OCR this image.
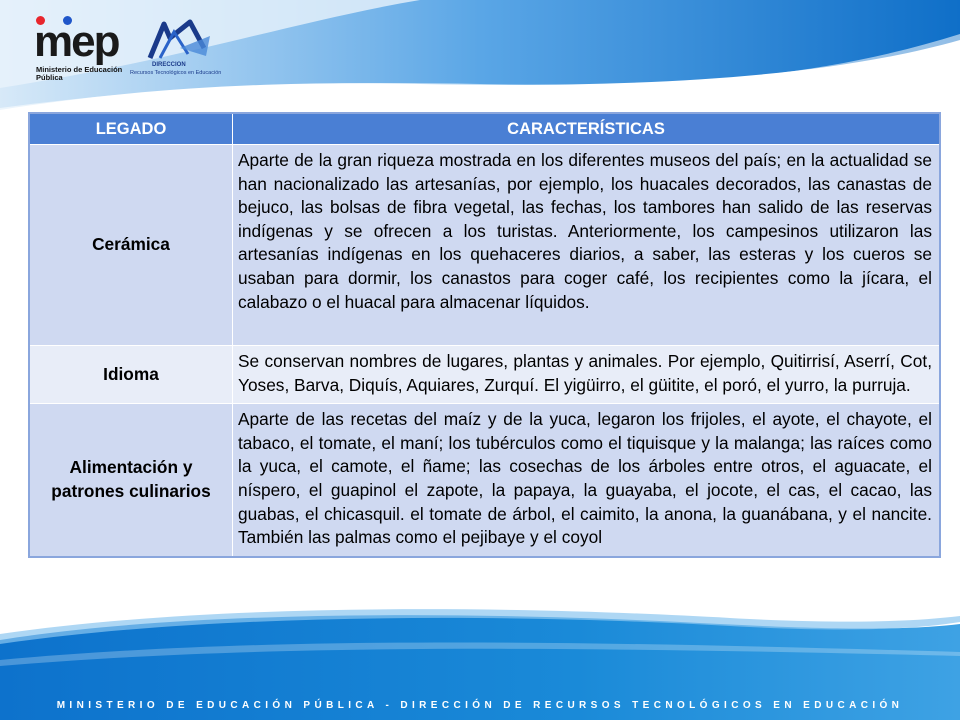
mep
Ministerio de Educación Pública
DIRECCION
Recursos Tecnológicos en Educación
LEGADO	CARACTERÍSTICAS
Cerámica	Aparte de la gran riqueza mostrada en los diferentes museos del país; en la actualidad se han nacionalizado las artesanías, por ejemplo, los huacales decorados, las canastas de bejuco, las bolsas de fibra vegetal, las fechas, los tambores han salido de las reservas indígenas y se ofrecen a los turistas. Anteriormente, los campesinos utilizaron las artesanías indígenas en los quehaceres diarios, a saber, las esteras y los cueros se usaban para dormir, los canastos para coger café, los recipientes como la jícara, el calabazo o el huacal para almacenar líquidos.
Idioma	Se conservan nombres de lugares, plantas y animales. Por ejemplo, Quitirrisí, Aserrí, Cot, Yoses, Barva, Diquís, Aquiares, Zurquí. El yigüirro, el güitite, el poró, el yurro, la purruja.
Alimentación y patrones culinarios	Aparte de las recetas del maíz y de la yuca, legaron los frijoles, el ayote, el chayote, el tabaco, el tomate, el maní; los tubérculos como el tiquisque y la malanga; las raíces como la yuca, el camote, el ñame; las cosechas de los árboles entre otros, el aguacate, el níspero, el guapinol el zapote, la papaya, la guayaba, el jocote, el cas, el cacao, las guabas, el chicasquil. el tomate de árbol, el caimito, la anona, la guanábana, y el nancite. También las palmas como el pejibaye y el coyol
MINISTERIO DE EDUCACIÓN PÚBLICA - DIRECCIÓN DE RECURSOS TECNOLÓGICOS EN EDUCACIÓN
